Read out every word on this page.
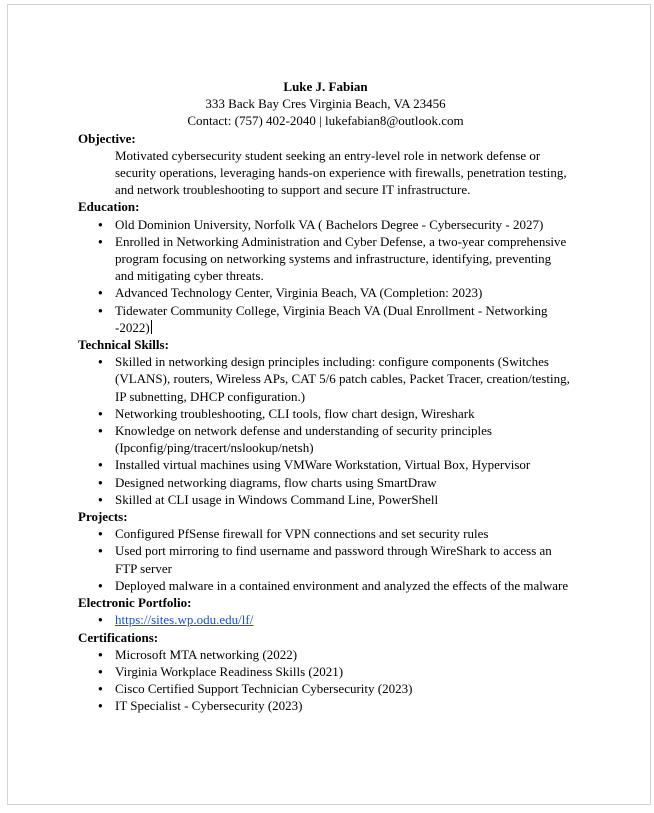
Luke J. Fabian
333 Back Bay Cres Virginia Beach, VA 23456
Contact: (757) 402-2040 | lukefabian8@outlook.com
Objective:
Motivated cybersecurity student seeking an entry-level role in network defense or security operations, leveraging hands-on experience with firewalls, penetration testing, and network troubleshooting to support and secure IT infrastructure.
Education:
● Old Dominion University, Norfolk VA ( Bachelors Degree - Cybersecurity - 2027)
● Enrolled in Networking Administration and Cyber Defense, a two-year comprehensive program focusing on networking systems and infrastructure, identifying, preventing and mitigating cyber threats.
● Advanced Technology Center, Virginia Beach, VA (Completion: 2023)
● Tidewater Community College, Virginia Beach VA (Dual Enrollment - Networking -2022)
Technical Skills:
● Skilled in networking design principles including: configure components (Switches (VLANS), routers, Wireless APs, CAT 5/6 patch cables, Packet Tracer, creation/testing, IP subnetting, DHCP configuration.)
● Networking troubleshooting, CLI tools, flow chart design, Wireshark
● Knowledge on network defense and understanding of security principles (Ipconfig/ping/tracert/nslookup/netsh)
● Installed virtual machines using VMWare Workstation, Virtual Box, Hypervisor
● Designed networking diagrams, flow charts using SmartDraw
● Skilled at CLI usage in Windows Command Line, PowerShell
Projects:
● Configured PfSense firewall for VPN connections and set security rules
● Used port mirroring to find username and password through WireShark to access an FTP server
● Deployed malware in a contained environment and analyzed the effects of the malware
Electronic Portfolio:
● https://sites.wp.odu.edu/lf/
Certifications:
● Microsoft MTA networking (2022)
● Virginia Workplace Readiness Skills (2021)
● Cisco Certified Support Technician Cybersecurity (2023)
● IT Specialist - Cybersecurity (2023)
